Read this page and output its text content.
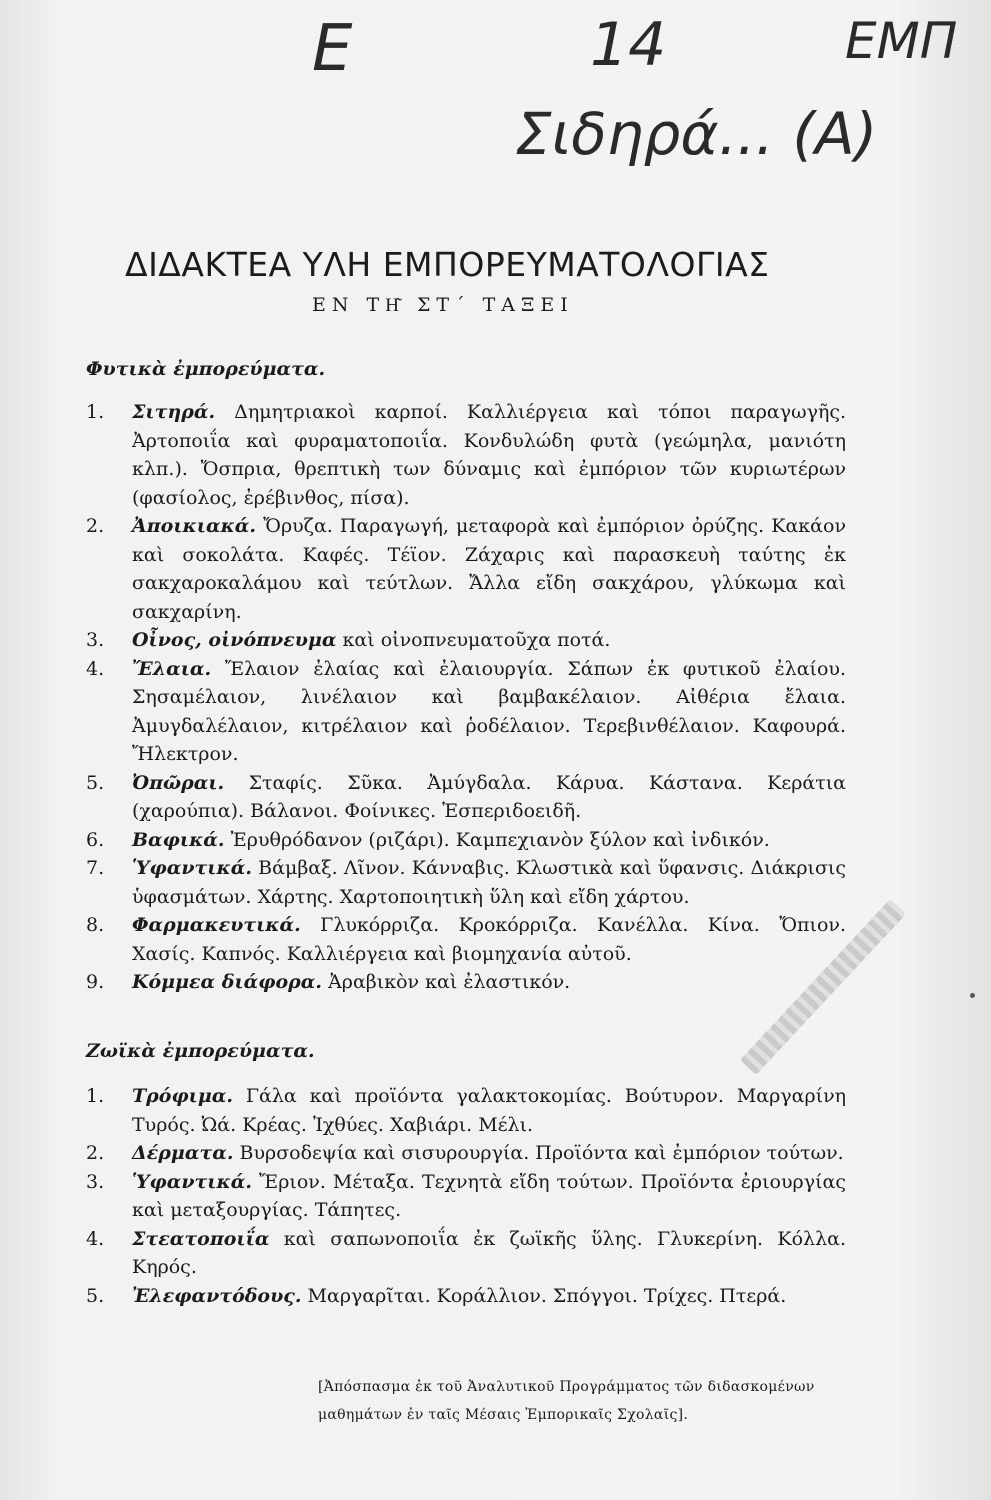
E	14	ΕΜΠ
Σιδηρά... (Α)
ΔΙΔΑΚΤΕΑ ΥΛΗ ΕΜΠΟΡΕΥΜΑΤΟΛΟΓΙΑΣ
ΕΝ ΤΗ͂ ΣΤ΄ ΤΑΞΕΙ
Φυτικὰ ἐμπορεύματα.
1. Σιτηρά. Δημητριακοὶ καρποί. Καλλιέργεια καὶ τόποι παραγωγῆς. Ἀρτοποιΐα καὶ φυραματοποιΐα. Κονδυλώδη φυτὰ (γεώμηλα, μανιότη κλπ.). Ὄσπρια, θρεπτικὴ των δύναμις καὶ ἐμπόριον τῶν κυριωτέρων (φασίολος, ἐρέβινθος, πίσα).
2. Ἀποικιακά. Ὄρυζα. Παραγωγή, μεταφορὰ καὶ ἐμπόριον ὀρύζης. Κακάον καὶ σοκολάτα. Καφές. Τέϊον. Ζάχαρις καὶ παρασκευὴ ταύτης ἐκ σακχαροκαλάμου καὶ τεύτλων. Ἄλλα εἴδη σακχάρου, γλύκωμα καὶ σακχαρίνη.
3. Οἶνος, οἰνόπνευμα καὶ οἰνοπνευματοῦχα ποτά.
4. Ἔλαια. Ἔλαιον ἐλαίας καὶ ἐλαιουργία. Σάπων ἐκ φυτικοῦ ἐλαίου. Σησαμέλαιον, λινέλαιον καὶ βαμβακέλαιον. Αἰθέρια ἔλαια. Ἀμυγδαλέλαιον, κιτρέλαιον καὶ ῥοδέλαιον. Τερεβινθέλαιον. Καφουρά. Ἤλεκτρον.
5. Ὀπῶραι. Σταφίς. Σῦκα. Ἀμύγδαλα. Κάρυα. Κάστανα. Κεράτια (χαρούπια). Βάλανοι. Φοίνικες. Ἑσπεριδοειδῆ.
6. Βαφικά. Ἐρυθρόδανον (ριζάρι). Καμπεχιανὸν ξύλον καὶ ἰνδικόν.
7. Ὑφαντικά. Βάμβαξ. Λῖνον. Κάνναβις. Κλωστικὰ καὶ ὕφανσις. Διάκρισις ὑφασμάτων. Χάρτης. Χαρτοποιητικὴ ὕλη καὶ εἴδη χάρτου.
8. Φαρμακευτικά. Γλυκόρριζα. Κροκόρριζα. Κανέλλα. Κίνα. Ὄπιον. Χασίς. Καπνός. Καλλιέργεια καὶ βιομηχανία αὐτοῦ.
9. Κόμμεα διάφορα. Ἀραβικὸν καὶ ἐλαστικόν.
Ζωϊκὰ ἐμπορεύματα.
1. Τρόφιμα. Γάλα καὶ προϊόντα γαλακτοκομίας. Βούτυρον. Μαργαρίνη Τυρός. Ὠά. Κρέας. Ἰχθύες. Χαβιάρι. Μέλι.
2. Δέρματα. Βυρσοδεψία καὶ σισυρουργία. Προϊόντα καὶ ἐμπόριον τούτων.
3. Ὑφαντικά. Ἔριον. Μέταξα. Τεχνητὰ εἴδη τούτων. Προϊόντα ἐριουργίας καὶ μεταξουργίας. Τάπητες.
4. Στεατοποιΐα καὶ σαπωνοποιΐα ἐκ ζωϊκῆς ὕλης. Γλυκερίνη. Κόλλα. Κηρός.
5. Ἐλεφαντόδους. Μαργαρῖται. Κοράλλιον. Σπόγγοι. Τρίχες. Πτερά.
[Ἀπόσπασμα ἐκ τοῦ Ἀναλυτικοῦ Προγράμματος τῶν διδασκομένων μαθημάτων ἐν ταῖς Μέσαις Ἐμπορικαῖς Σχολαῖς].
